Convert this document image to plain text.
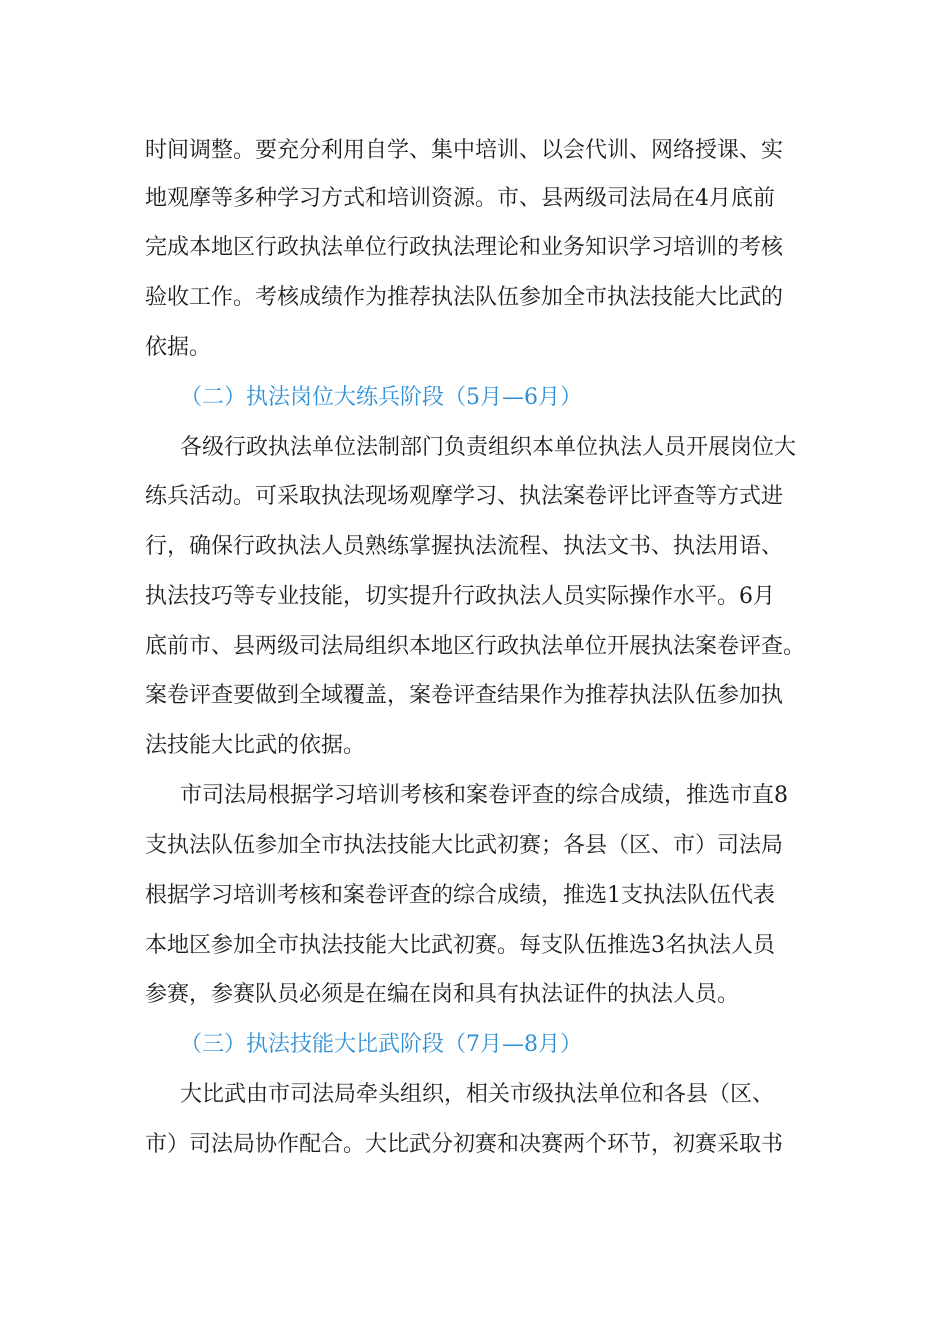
时间调整。要充分利用自学、集中培训、以会代训、网络授课、实
地观摩等多种学习方式和培训资源。市、县两级司法局在4月底前
完成本地区行政执法单位行政执法理论和业务知识学习培训的考核
验收工作。考核成绩作为推荐执法队伍参加全市执法技能大比武的
依据。
（二）执法岗位大练兵阶段（5月—6月）
各级行政执法单位法制部门负责组织本单位执法人员开展岗位大
练兵活动。可采取执法现场观摩学习、执法案卷评比评查等方式进
行，确保行政执法人员熟练掌握执法流程、执法文书、执法用语、
执法技巧等专业技能，切实提升行政执法人员实际操作水平。6月
底前市、县两级司法局组织本地区行政执法单位开展执法案卷评查。
案卷评查要做到全域覆盖，案卷评查结果作为推荐执法队伍参加执
法技能大比武的依据。
市司法局根据学习培训考核和案卷评查的综合成绩，推选市直8
支执法队伍参加全市执法技能大比武初赛；各县（区、市）司法局
根据学习培训考核和案卷评查的综合成绩，推选1支执法队伍代表
本地区参加全市执法技能大比武初赛。每支队伍推选3名执法人员
参赛，参赛队员必须是在编在岗和具有执法证件的执法人员。
（三）执法技能大比武阶段（7月—8月）
大比武由市司法局牵头组织，相关市级执法单位和各县（区、
市）司法局协作配合。大比武分初赛和决赛两个环节，初赛采取书
